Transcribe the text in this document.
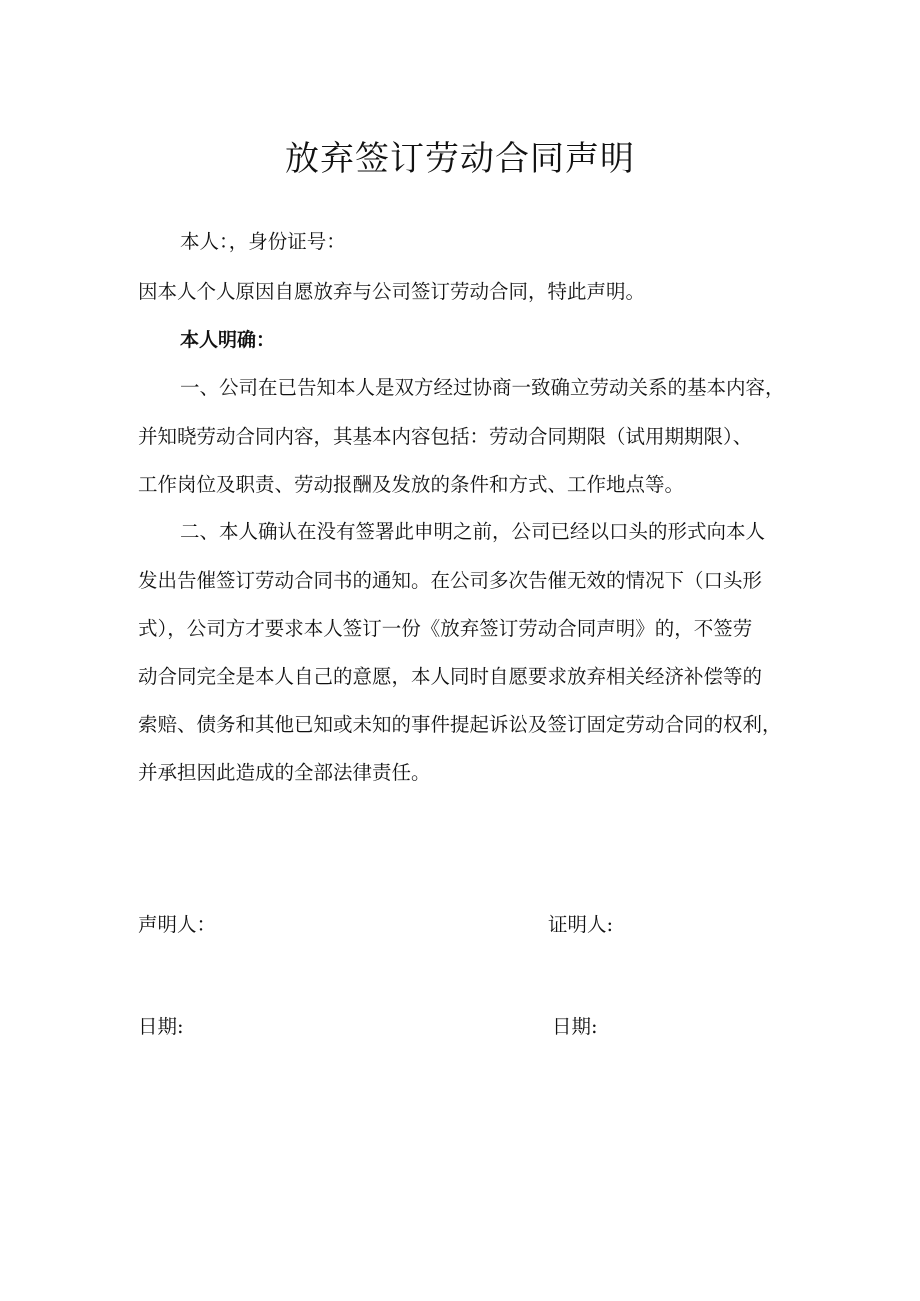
放弃签订劳动合同声明
本人：，身份证号：
因本人个人原因自愿放弃与公司签订劳动合同，特此声明。
本人明确：
一、公司在已告知本人是双方经过协商一致确立劳动关系的基本内容，
并知晓劳动合同内容，其基本内容包括：劳动合同期限（试用期期限）、
工作岗位及职责、劳动报酬及发放的条件和方式、工作地点等。
二、本人确认在没有签署此申明之前，公司已经以口头的形式向本人
发出告催签订劳动合同书的通知。在公司多次告催无效的情况下（口头形
式），公司方才要求本人签订一份《放弃签订劳动合同声明》的，不签劳
动合同完全是本人自己的意愿，本人同时自愿要求放弃相关经济补偿等的
索赔、债务和其他已知或未知的事件提起诉讼及签订固定劳动合同的权利，
并承担因此造成的全部法律责任。
声明人：	证明人:
日期:	日期:
